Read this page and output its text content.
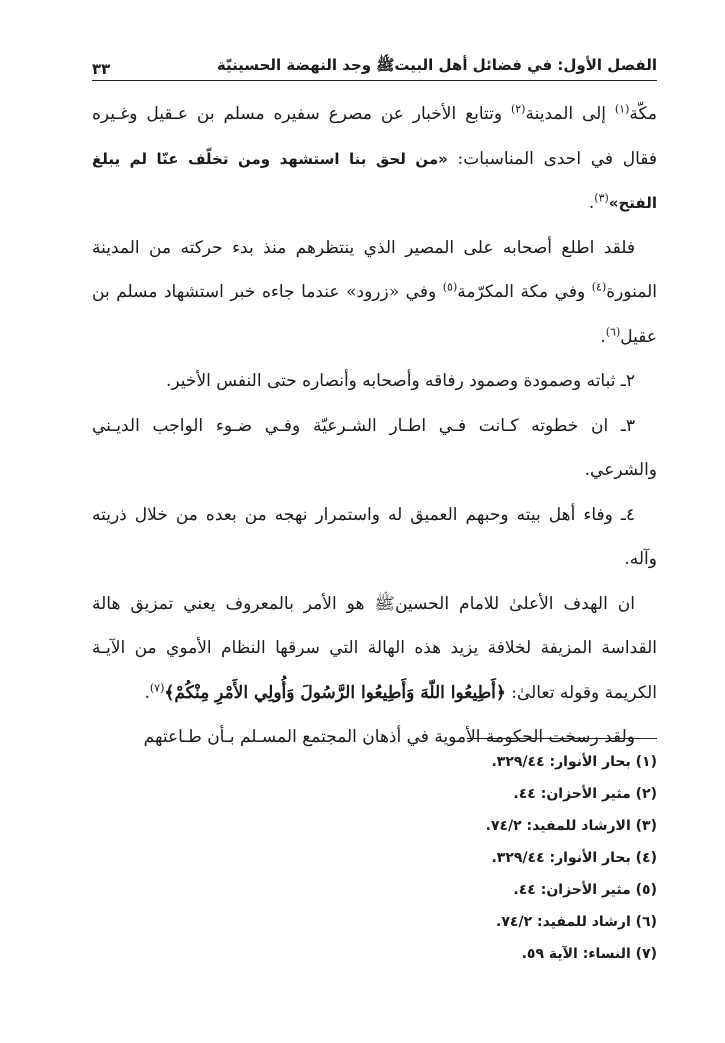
الفصل الأول: في فضائل أهل البيت‏‏ﷺ وجد النهضة الحسينيّة
٣٣

مكّة$^{(١)}$ إلى المدينة$^{(٢)}$ وتتابع الأخبار عن مصرع سفيره مسلم بن عـقيل وغـيره فقال في احدى المناسبات: «من لحق بنا استشهد ومن تخلّف عنّا لم يبلغ الفتح»$^{(٣)}$.

فلقد اطلع أصحابه على المصير الذي ينتظرهم منذ بدء حركته من المدينة المنورة$^{(٤)}$ وفي مكة المكرّمة$^{(٥)}$ وفي «زرود» عندما جاءه خبر استشهاد مسلم بن عقيل$^{(٦)}$.

٢ـ ثباته وصمودة وصمود رفاقه وأصحابه وأنصاره حتى النفس الأخير.

٣ـ ان خطوته كـانت فـي اطـار الشـرعيّة وفـي ضـوء الواجب الديـني والشرعي.

٤ـ وفاء أهل بيته وحبهم العميق له واستمرار نهجه من بعده من خلال ذريته وآله.

ان الهدف الأعلىٰ للامام الحسين‏ﷺ هو الأمر بالمعروف يعني تمزيق هالة القداسة المزيفة لخلافة يزيد هذه الهالة التي سرقها النظام الأموي من الآيـة الكريمة وقوله تعالىٰ: ﴿أَطِيعُوا اللّهَ وَأَطِيعُوا الرَّسُولَ وَأُولِي الأَمْرِ مِنْكُمْ﴾$^{(٧)}$.

ولقد رسخت الحكومة الأموية في أذهان المجتمع المسـلم بـأن طـاعتهم

(١) بحار الأنوار: ٣٢٩/٤٤.
(٢) مثير الأحزان: ٤٤.
(٣) الارشاد للمفيد: ٧٤/٢.
(٤) بحار الأنوار: ٣٢٩/٤٤.
(٥) مثير الأحزان: ٤٤.
(٦) ارشاد للمفيد: ٧٤/٢.
(٧) النساء: الآية ٥٩.
